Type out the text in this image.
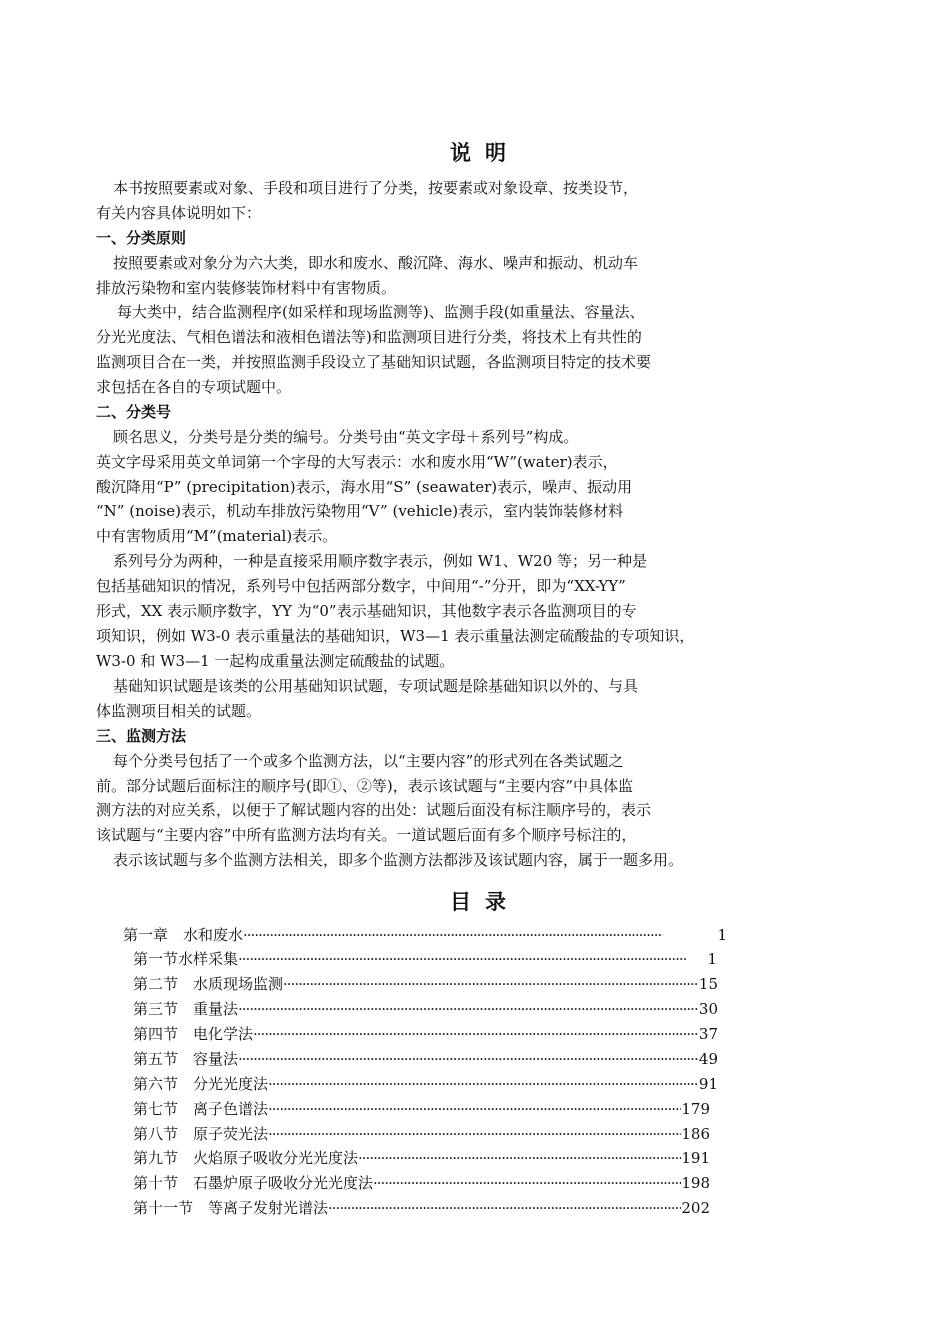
说明
本书按照要素或对象、手段和项目进行了分类，按要素或对象设章、按类设节，
有关内容具体说明如下：
一、分类原则
按照要素或对象分为六大类，即水和废水、酸沉降、海水、噪声和振动、机动车
排放污染物和室内装修装饰材料中有害物质。
每大类中，结合监测程序(如采样和现场监测等)、监测手段(如重量法、容量法、
分光光度法、气相色谱法和液相色谱法等)和监测项目进行分类，将技术上有共性的
监测项目合在一类，并按照监测手段设立了基础知识试题，各监测项目特定的技术要
求包括在各自的专项试题中。
二、分类号
顾名思义，分类号是分类的编号。分类号由“英文字母＋系列号”构成。
英文字母采用英文单词第一个字母的大写表示：水和废水用“W”(water)表示，
酸沉降用“P” (precipitation)表示，海水用“S” (seawater)表示，噪声、振动用
“N” (noise)表示，机动车排放污染物用“V” (vehicle)表示，室内装饰装修材料
中有害物质用“M”(material)表示。
系列号分为两种，一种是直接采用顺序数字表示，例如 W1、W20 等；另一种是
包括基础知识的情况，系列号中包括两部分数字，中间用“-”分开，即为“XX-YY”
形式，XX 表示顺序数字，YY 为“0”表示基础知识，其他数字表示各监测项目的专
项知识，例如 W3-0 表示重量法的基础知识，W3—1 表示重量法测定硫酸盐的专项知识，
W3-0 和 W3—1 一起构成重量法测定硫酸盐的试题。
基础知识试题是该类的公用基础知识试题，专项试题是除基础知识以外的、与具
体监测项目相关的试题。
三、监测方法
每个分类号包括了一个或多个监测方法，以“主要内容”的形式列在各类试题之
前。部分试题后面标注的顺序号(即①、②等)，表示该试题与“主要内容”中具体监
测方法的对应关系，以便于了解试题内容的出处：试题后面没有标注顺序号的，表示
该试题与“主要内容”中所有监测方法均有关。一道试题后面有多个顺序号标注的，
表示该试题与多个监测方法相关，即多个监测方法都涉及该试题内容，属于一题多用。
目录
第一章　水和废水 ·····	1
第一节水样采集 ·····	1
第二节　水质现场监测 ·····	15
第三节　重量法 ·····	30
第四节　电化学法 ·····	37
第五节　容量法 ·····	49
第六节　分光光度法 ·····	91
第七节　离子色谱法 ·····	179
第八节　原子荧光法 ·····	186
第九节　火焰原子吸收分光光度法 ·····	191
第十节　石墨炉原子吸收分光光度法 ·····	198
第十一节　等离子发射光谱法 ·····	202
